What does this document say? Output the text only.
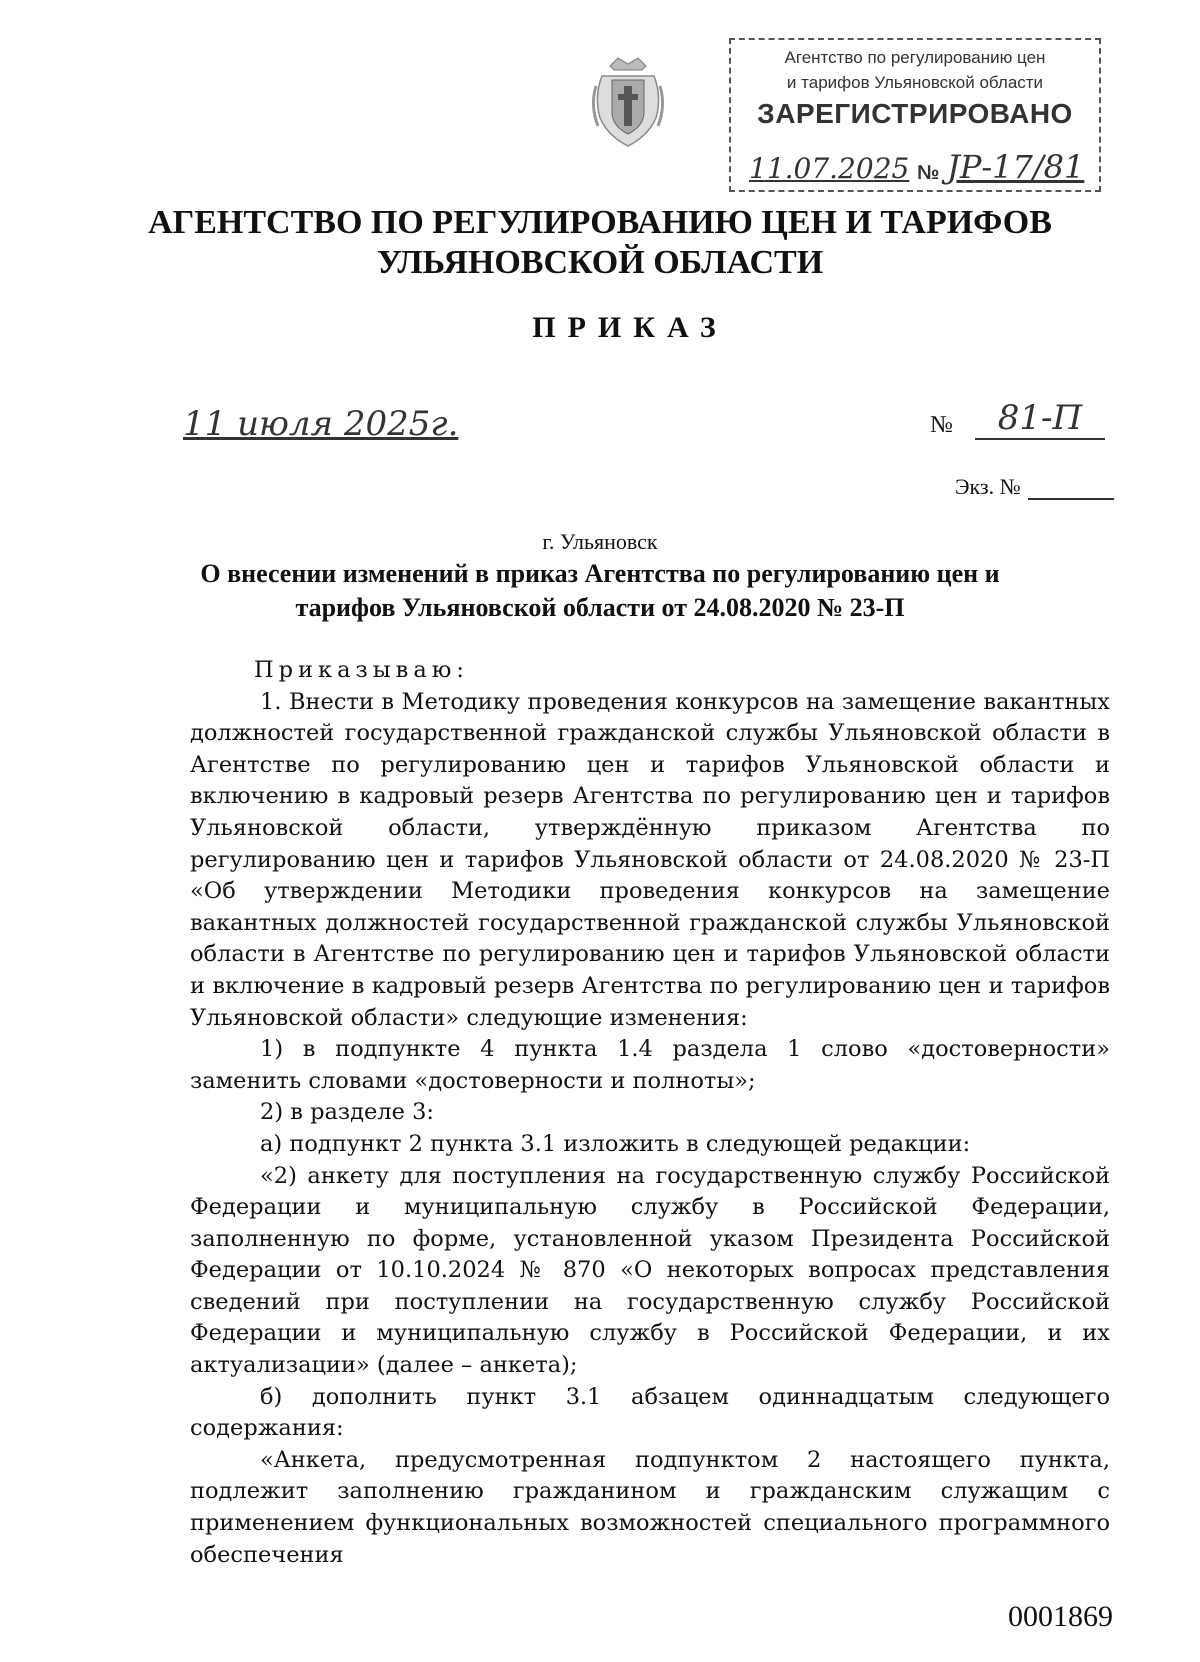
Агентство по регулированию цен
и тарифов Ульяновской области
ЗАРЕГИСТРИРОВАНО
11.07.2025 № ЈР-17/81
АГЕНТСТВО ПО РЕГУЛИРОВАНИЮ ЦЕН И ТАРИФОВ УЛЬЯНОВСКОЙ ОБЛАСТИ
ПРИКАЗ
11 июля 2025г.	№	81-П
Экз. №
г. Ульяновск
О внесении изменений в приказ Агентства по регулированию цен и тарифов Ульяновской области от 24.08.2020 № 23-П

Приказываю:

1. Внести в Методику проведения конкурсов на замещение вакантных должностей государственной гражданской службы Ульяновской области в Агентстве по регулированию цен и тарифов Ульяновской области и включению в кадровый резерв Агентства по регулированию цен и тарифов Ульяновской области, утверждённую приказом Агентства по регулированию цен и тарифов Ульяновской области от 24.08.2020 № 23-П «Об утверждении Методики проведения конкурсов на замещение вакантных должностей государственной гражданской службы Ульяновской области в Агентстве по регулированию цен и тарифов Ульяновской области и включение в кадровый резерв Агентства по регулированию цен и тарифов Ульяновской области» следующие изменения:

1) в подпункте 4 пункта 1.4 раздела 1 слово «достоверности» заменить словами «достоверности и полноты»;

2) в разделе 3:

а) подпункт 2 пункта 3.1 изложить в следующей редакции:

«2) анкету для поступления на государственную службу Российской Федерации и муниципальную службу в Российской Федерации, заполненную по форме, установленной указом Президента Российской Федерации от 10.10.2024 № 870 «О некоторых вопросах представления сведений при поступлении на государственную службу Российской Федерации и муниципальную службу в Российской Федерации, и их актуализации» (далее – анкета);

б) дополнить пункт 3.1 абзацем одиннадцатым следующего содержания:

«Анкета, предусмотренная подпунктом 2 настоящего пункта, подлежит заполнению гражданином и гражданским служащим с применением функциональных возможностей специального программного обеспечения

0001869
